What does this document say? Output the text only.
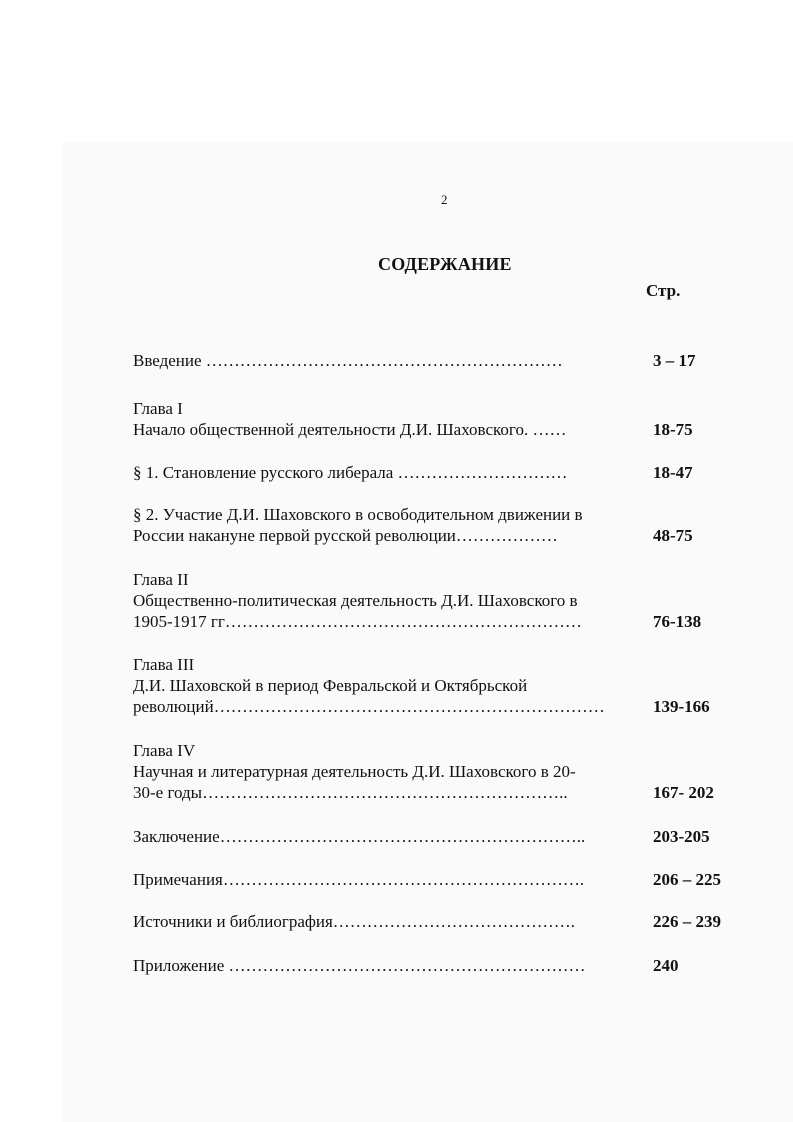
2
СОДЕРЖАНИЕ
Стр.
Введение ………………………………………………………	3 – 17
Глава I
Начало общественной деятельности Д.И. Шаховского. ……	18-75
§ 1. Становление русского либерала …………………………	18-47
§ 2. Участие Д.И. Шаховского в освободительном движении в
России накануне первой русской революции………………	48-75
Глава II
Общественно-политическая деятельность Д.И. Шаховского в
1905-1917 гг………………………………………………………	76-138
Глава III
Д.И. Шаховской в период Февральской и Октябрьской
революций……………………………………………………………	139-166
Глава IV
Научная и литературная деятельность Д.И. Шаховского в 20-
30-е годы………………………………………………………..	167- 202
Заключение………………………………………………………..	203-205
Примечания……………………………………………………….	206 – 225
Источники и библиография…………………………………….	226 – 239
Приложение ………………………………………………………	240
